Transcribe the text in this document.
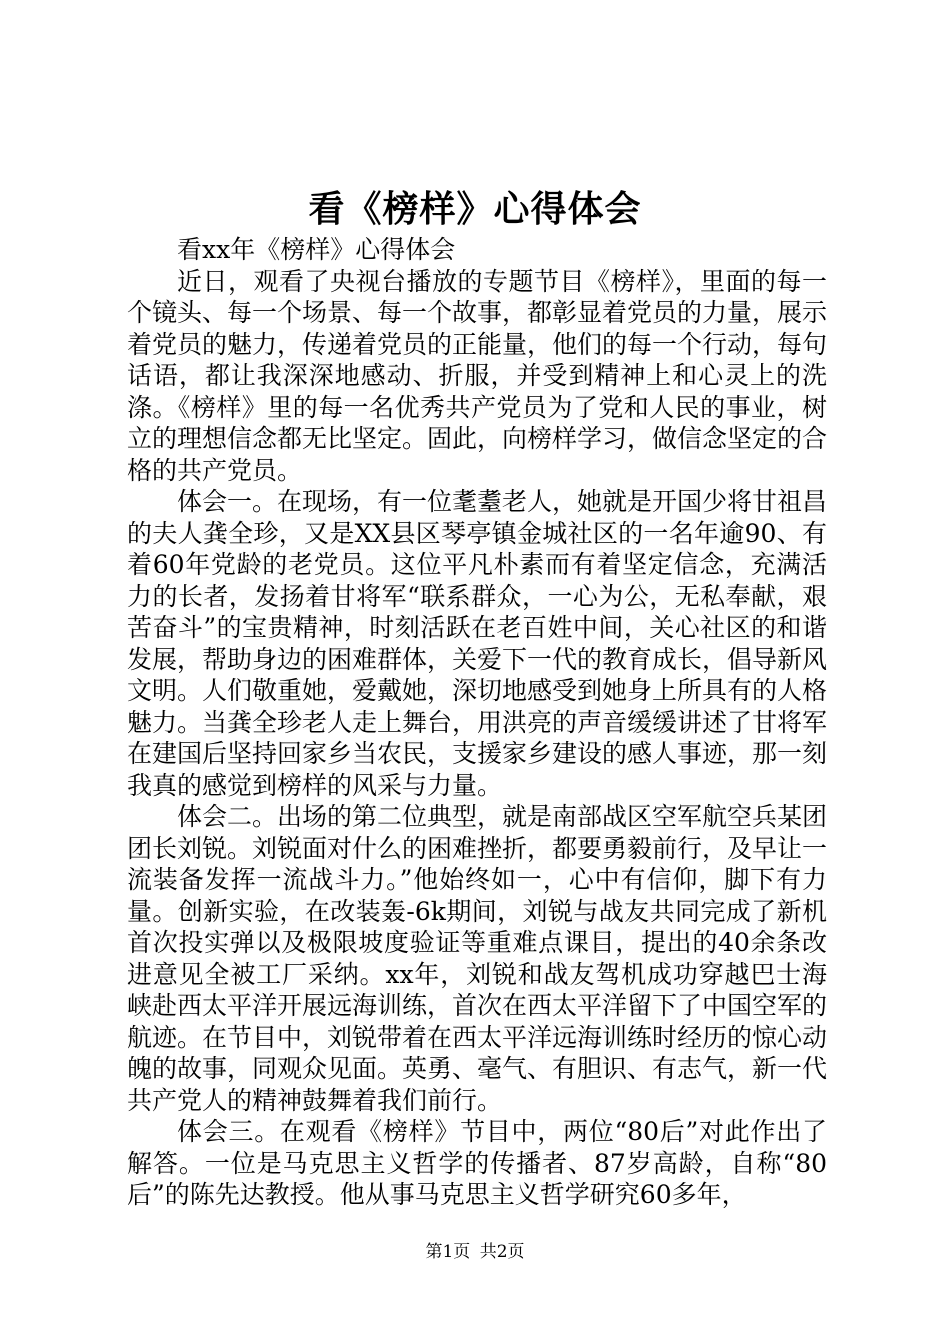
看《榜样》心得体会

看xx年《榜样》心得体会

近日，观看了央视台播放的专题节目《榜样》，里面的每一个镜头、每一个场景、每一个故事，都彰显着党员的力量，展示着党员的魅力，传递着党员的正能量，他们的每一个行动，每句话语，都让我深深地感动、折服，并受到精神上和心灵上的洗涤。《榜样》里的每一名优秀共产党员为了党和人民的事业，树立的理想信念都无比坚定。固此，向榜样学习，做信念坚定的合格的共产党员。

体会一。在现场，有一位耄耋老人，她就是开国少将甘祖昌的夫人龚全珍，又是XX县区琴亭镇金城社区的一名年逾90、有着60年党龄的老党员。这位平凡朴素而有着坚定信念，充满活力的长者，发扬着甘将军“联系群众，一心为公，无私奉献，艰苦奋斗”的宝贵精神，时刻活跃在老百姓中间，关心社区的和谐发展，帮助身边的困难群体，关爱下一代的教育成长，倡导新风文明。人们敬重她，爱戴她，深切地感受到她身上所具有的人格魅力。当龚全珍老人走上舞台，用洪亮的声音缓缓讲述了甘将军在建国后坚持回家乡当农民，支援家乡建设的感人事迹，那一刻我真的感觉到榜样的风采与力量。

体会二。出场的第二位典型，就是南部战区空军航空兵某团团长刘锐。刘锐面对什么的困难挫折，都要勇毅前行，及早让一流装备发挥一流战斗力。”他始终如一，心中有信仰，脚下有力量。创新实验，在改装轰-6k期间，刘锐与战友共同完成了新机首次投实弹以及极限坡度验证等重难点课目，提出的40余条改进意见全被工厂采纳。xx年，刘锐和战友驾机成功穿越巴士海峡赴西太平洋开展远海训练，首次在西太平洋留下了中国空军的航迹。在节目中，刘锐带着在西太平洋远海训练时经历的惊心动魄的故事，同观众见面。英勇、毫气、有胆识、有志气，新一代共产党人的精神鼓舞着我们前行。

体会三。在观看《榜样》节目中，两位“80后”对此作出了解答。一位是马克思主义哲学的传播者、87岁高龄，自称“80后”的陈先达教授。他从事马克思主义哲学研究60多年，

第1页 共2页
